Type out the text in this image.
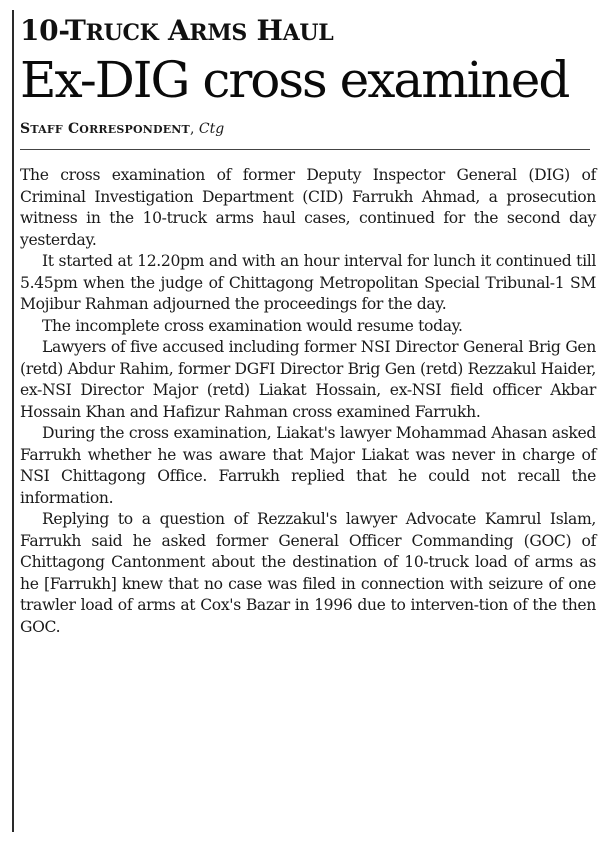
10-TRUCK ARMS HAUL
Ex-DIG cross examined
STAFF CORRESPONDENT, Ctg

The cross examination of former Deputy Inspector General (DIG) of Criminal Investigation Department (CID) Farrukh Ahmad, a prosecution witness in the 10-truck arms haul cases, continued for the second day yesterday.

It started at 12.20pm and with an hour interval for lunch it continued till 5.45pm when the judge of Chittagong Metropolitan Special Tribunal-1 SM Mojibur Rahman adjourned the proceedings for the day.

The incomplete cross examination would resume today.

Lawyers of five accused including former NSI Director General Brig Gen (retd) Abdur Rahim, former DGFI Director Brig Gen (retd) Rezzakul Haider, ex-NSI Director Major (retd) Liakat Hossain, ex-NSI field officer Akbar Hossain Khan and Hafizur Rahman cross examined Farrukh.

During the cross examination, Liakat's lawyer Mohammad Ahasan asked Farrukh whether he was aware that Major Liakat was never in charge of NSI Chittagong Office. Farrukh replied that he could not recall the information.

Replying to a question of Rezzakul's lawyer Advocate Kamrul Islam, Farrukh said he asked former General Officer Commanding (GOC) of Chittagong Cantonment about the destination of 10-truck load of arms as he [Farrukh] knew that no case was filed in connection with seizure of one trawler load of arms at Cox's Bazar in 1996 due to interven-tion of the then GOC.
